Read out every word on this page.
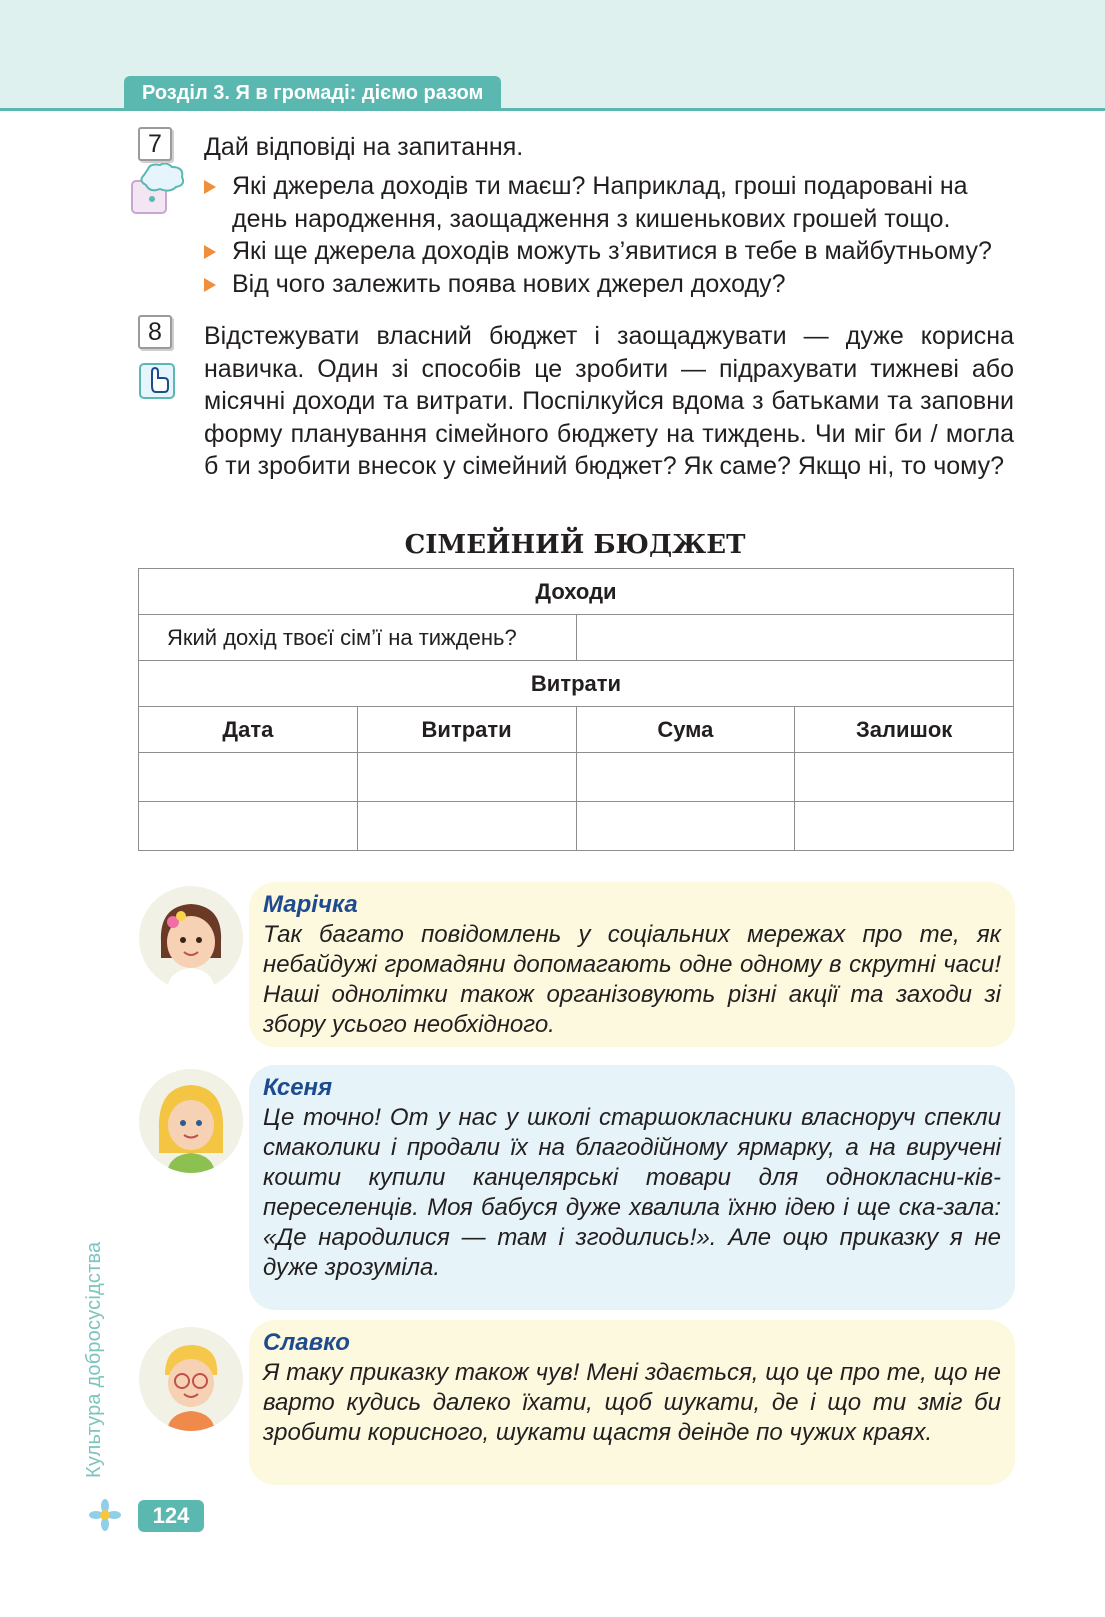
Розділ 3. Я в громаді: діємо разом
7	Дай відповіді на запитання.
Які джерела доходів ти маєш? Наприклад, гроші подаровані на день народження, заощадження з кишенькових грошей тощо.
Які ще джерела доходів можуть з’явитися в тебе в майбутньому?
Від чого залежить поява нових джерел доходу?
8	Відстежувати власний бюджет і заощаджувати — дуже корисна навичка. Один зі способів це зробити — підрахувати тижневі або місячні доходи та витрати. Поспілкуйся вдома з батьками та заповни форму планування сімейного бюджету на тиждень. Чи міг би / могла б ти зробити внесок у сімейний бюджет? Як саме? Якщо ні, то чому?
СІМЕЙНИЙ БЮДЖЕТ
Доходи			
Який дохід твоєї сім’ї на тиждень?			
Витрати			
Дата	Витрати	Сума	Залишок

Марічка
Так багато повідомлень у соціальних мережах про те, як небайдужі громадяни допомагають одне одному в скрутні часи! Наші однолітки також організовують різні акції та заходи зі збору усього необхідного.
Ксеня
Це точно! От у нас у школі старшокласники власноруч спекли смаколики і продали їх на благодійному ярмарку, а на виручені кошти купили канцелярські товари для однокласни-ків-переселенців. Моя бабуся дуже хвалила їхню ідею і ще ска-зала: «Де народилися — там і згодились!». Але оцю приказку я не дуже зрозуміла.
Славко
Я таку приказку також чув! Мені здається, що це про те, що не варто кудись далеко їхати, щоб шукати, де і що ти зміг би зробити корисного, шукати щастя деінде по чужих краях.
Культура добросусідства
124
